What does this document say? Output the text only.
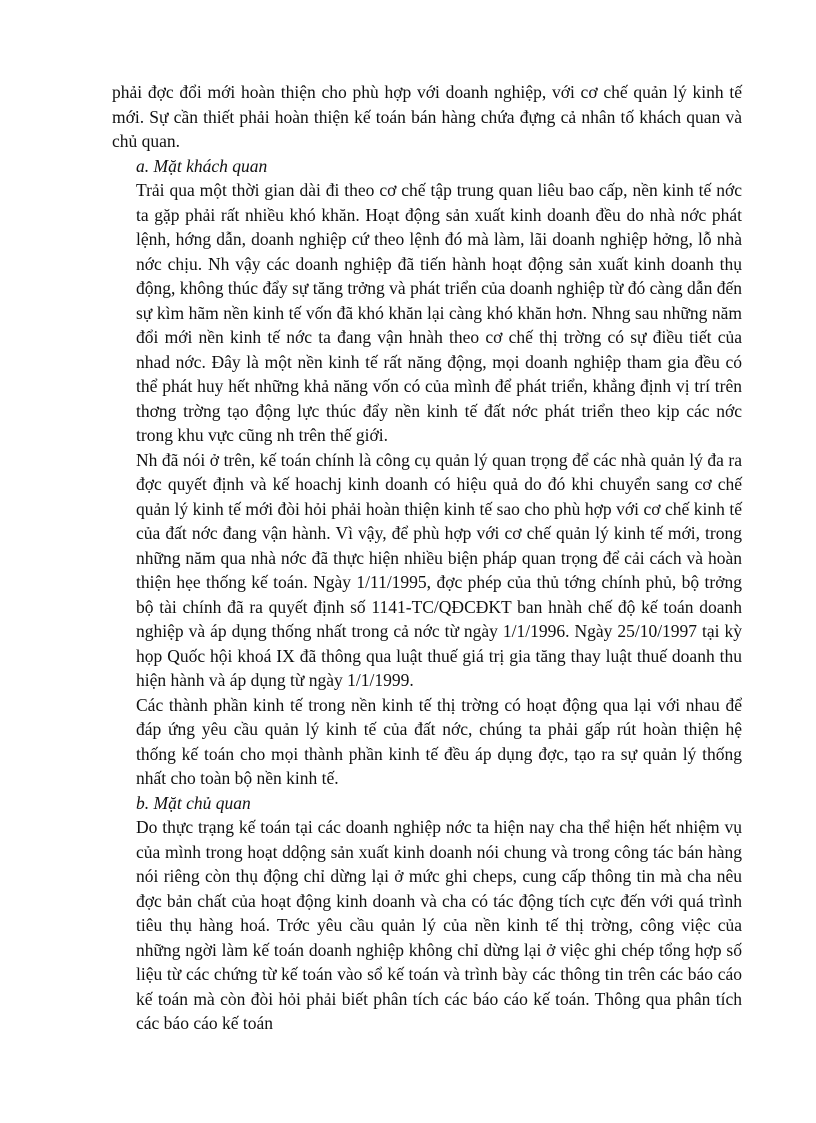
phải đợc đổi mới hoàn thiện cho phù hợp với doanh nghiệp, với cơ chế quản lý kinh tế mới. Sự cần thiết phải hoàn thiện kế toán bán hàng chứa đựng cả nhân tố khách quan và chủ quan.

a. Mặt khách quan

Trải qua một thời gian dài đi theo cơ chế tập trung quan liêu bao cấp, nền kinh tế nớc ta gặp phải rất nhiều khó khăn. Hoạt động sản xuất kinh doanh đều do nhà nớc phát lệnh, hớng dẫn, doanh nghiệp cứ theo lệnh đó mà làm, lãi doanh nghiệp hởng, lỗ nhà nớc chịu. Nh vậy các doanh nghiệp đã tiến hành hoạt động sản xuất kinh doanh thụ động, không thúc đẩy sự tăng trởng và phát triển của doanh nghiệp từ đó càng dẫn đến sự kìm hãm nền kinh tế vốn đã khó khăn lại càng khó khăn hơn. Nhng sau những năm đổi mới nền kinh tế nớc ta đang vận hnàh theo cơ chế thị trờng có sự điều tiết của nhad nớc. Đây là một nền kinh tế rất năng động, mọi doanh nghiệp tham gia đều có thể phát huy hết những khả năng vốn có của mình để phát triển, khẳng định vị trí trên thơng trờng tạo động lực thúc đẩy nền kinh tế đất nớc phát triển theo kịp các nớc trong khu vực cũng nh trên thế giới.

Nh đã nói ở trên, kế toán chính là công cụ quản lý quan trọng để các nhà quản lý đa ra đợc quyết định và kế hoachj kinh doanh có hiệu quả do đó khi chuyển sang cơ chế quản lý kinh tế mới đòi hỏi phải hoàn thiện kinh tế sao cho phù hợp với cơ chế kinh tế của đất nớc đang vận hành. Vì vậy, để phù hợp với cơ chế quản lý kinh tế mới, trong những năm qua nhà nớc đã thực hiện nhiều biện pháp quan trọng để cải cách và hoàn thiện hẹe thống kế toán. Ngày 1/11/1995, đợc phép của thủ tớng chính phủ, bộ trởng bộ tài chính đã ra quyết định số 1141-TC/QĐCĐKT ban hnàh chế độ kế toán doanh nghiệp và áp dụng thống nhất trong cả nớc từ ngày 1/1/1996. Ngày 25/10/1997 tại kỳ họp Quốc hội khoá IX đã thông qua luật thuế giá trị gia tăng thay luật thuế doanh thu hiện hành và áp dụng từ ngày 1/1/1999.

Các thành phần kinh tế trong nền kinh tế thị trờng có hoạt động qua lại với nhau để đáp ứng yêu cầu quản lý kinh tế của đất nớc, chúng ta phải gấp rút hoàn thiện hệ thống kế toán cho mọi thành phần kinh tế đều áp dụng đợc, tạo ra sự quản lý thống nhất cho toàn bộ nền kinh tế.

b. Mặt chủ quan

Do thực trạng kế toán tại các doanh nghiệp nớc ta hiện nay cha thể hiện hết nhiệm vụ của mình trong hoạt ddộng sản xuất kinh doanh nói chung và trong công tác bán hàng nói riêng còn thụ động chỉ dừng lại ở mức ghi cheps, cung cấp thông tin mà cha nêu đợc bản chất của hoạt động kinh doanh và cha có tác động tích cực đến với quá trình tiêu thụ hàng hoá. Trớc yêu cầu quản lý của nền kinh tế thị trờng, công việc của những ngời làm kế toán doanh nghiệp không chỉ dừng lại ở việc ghi chép tổng hợp số liệu từ các chứng từ kế toán vào sổ kế toán và trình bày các thông tin trên các báo cáo kế toán mà còn đòi hỏi phải biết phân tích các báo cáo kế toán. Thông qua phân tích các báo cáo kế toán
